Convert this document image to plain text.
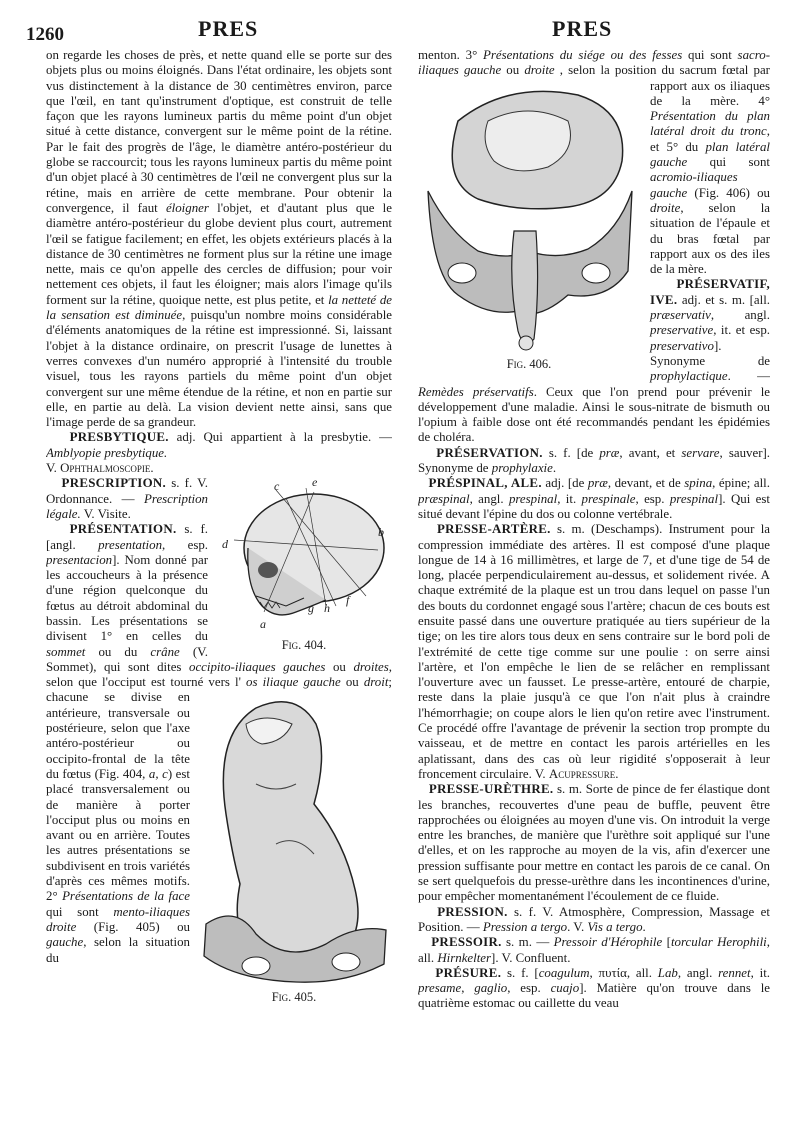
1260	PRES	PRES

on regarde les choses de près, et nette quand elle se porte sur des objets plus ou moins éloignés. Dans l'état ordinaire, les objets sont vus distinctement à la distance de 30 centimètres environ, parce que l'œil, en tant qu'instrument d'optique, est construit de telle façon que les rayons lumineux partis du même point d'un objet situé à cette distance, convergent sur le même point de la rétine. Par le fait des progrès de l'âge, le diamètre antéro-postérieur du globe se raccourcit; tous les rayons lumineux partis du même point d'un objet placé à 30 centimètres de l'œil ne convergent plus sur la rétine, mais en arrière de cette membrane. Pour obtenir la convergence, il faut éloigner l'objet, et d'autant plus que le diamètre antéro-postérieur du globe devient plus court, autrement l'œil se fatigue facilement; en effet, les objets extérieurs placés à la distance de 30 centimètres ne forment plus sur la rétine une image nette, mais ce qu'on appelle des cercles de diffusion; pour voir nettement ces objets, il faut les éloigner; mais alors l'image qu'ils forment sur la rétine, quoique nette, est plus petite, et la netteté de la sensation est diminuée, puisqu'un nombre moins considérable d'éléments anatomiques de la rétine est impressionné. Si, laissant l'objet à la distance ordinaire, on prescrit l'usage de lunettes à verres convexes d'un numéro approprié à l'intensité du trouble visuel, tous les rayons partiels du même point d'un objet convergent sur une même étendue de la rétine, et non en partie sur elle, en partie au delà. La vision devient nette ainsi, sans que l'image perde de sa grandeur.

PRESBYTIQUE. adj. Qui appartient à la presbytie. — Amblyopie presbytique.
V. Ophthalmoscopie.

c	e
b
d
a
g h
f
Fig. 404.

PRESCRIPTION. s. f. V. Ordonnance. — Prescription légale. V. Visite.

PRÉSENTATION. s. f. [angl. presentation, esp. presentacion]. Nom donné par les accoucheurs à la présence d'une région quelconque du fœtus au détroit abdominal du bassin. Les présentations se divisent 1° en celles du sommet ou du crâne (V. Sommet), qui sont dites occipito-iliaques gauches ou droites, selon que l'occiput est tourné vers l'
Fig. 405.
os iliaque gauche ou droit; chacune se divise en antérieure, transversale ou postérieure, selon que l'axe antéro-postérieur ou occipito-frontal de la tête du fœtus (Fig. 404, a, c) est placé transversalement ou de manière à porter l'occiput plus ou moins en avant ou en arrière. Toutes les autres présentations se subdivisent en trois variétés d'après ces mêmes motifs. 2° Présentations de la face qui sont mento-iliaques droite (Fig. 405) ou gauche, selon la situation du

menton. 3° Présentations du siége ou des fesses qui sont sacro-iliaques gauche ou droite
Fig. 406.
, selon la position du sacrum fœtal par rapport aux os iliaques de la mère. 4° Présentation du plan latéral droit du tronc, et 5° du plan latéral gauche qui sont acromio-iliaques gauche (Fig. 406) ou droite, selon la situation de l'épaule et du bras fœtal par rapport aux os des iles de la mère.

PRÉSERVATIF, IVE. adj. et s. m. [all. præservativ, angl. preservative, it. et esp. preservativo]. Synonyme de prophylactique. — Remèdes préservatifs. Ceux que l'on prend pour prévenir le développement d'une maladie. Ainsi le sous-nitrate de bismuth ou l'opium à faible dose ont été recommandés pendant les épidémies de choléra.

PRÉSERVATION. s. f. [de præ, avant, et servare, sauver]. Synonyme de prophylaxie.

PRÉSPINAL, ALE. adj. [de præ, devant, et de spina, épine; all. præspinal, angl. prespinal, it. prespinale, esp. prespinal]. Qui est situé devant l'épine du dos ou colonne vertébrale.

PRESSE-ARTÈRE. s. m. (Deschamps). Instrument pour la compression immédiate des artères. Il est composé d'une plaque longue de 14 à 16 millimètres, et large de 7, et d'une tige de 54 de long, placée perpendiculairement au-dessus, et solidement rivée. A chaque extrémité de la plaque est un trou dans lequel on passe l'un des bouts du cordonnet engagé sous l'artère; chacun de ces bouts est ensuite passé dans une ouverture pratiquée au tiers supérieur de la tige; on les tire alors tous deux en sens contraire sur le bord poli de l'extrémité de cette tige comme sur une poulie : on serre ainsi l'artère, et l'on empêche le lien de se relâcher en remplissant l'ouverture avec un fausset. Le presse-artère, entouré de charpie, reste dans la plaie jusqu'à ce que l'on n'ait plus à craindre l'hémorrhagie; on coupe alors le lien qu'on retire avec l'instrument. Ce procédé offre l'avantage de prévenir la section trop prompte du vaisseau, et de mettre en contact les parois artérielles en les aplatissant, dans des cas où leur rigidité s'opposerait à leur froncement circulaire. V. Acupressure.

PRESSE-URÈTHRE. s. m. Sorte de pince de fer élastique dont les branches, recouvertes d'une peau de buffle, peuvent être rapprochées ou éloignées au moyen d'une vis. On introduit la verge entre les branches, de manière que l'urèthre soit appliqué sur l'une d'elles, et on les rapproche au moyen de la vis, afin d'exercer une pression suffisante pour mettre en contact les parois de ce canal. On se sert quelquefois du presse-urèthre dans les incontinences d'urine, pour empêcher momentanément l'écoulement de ce fluide.

PRESSION. s. f. V. Atmosphère, Compression, Massage et Position. — Pression a tergo. V. Vis a tergo.

PRESSOIR. s. m. — Pressoir d'Hérophile [torcular Herophili, all. Hirnkelter]. V. Confluent.

PRÉSURE. s. f. [coagulum, πυτία, all. Lab, angl. rennet, it. presame, gaglio, esp. cuajo]. Matière qu'on trouve dans le quatrième estomac ou caillette du veau
